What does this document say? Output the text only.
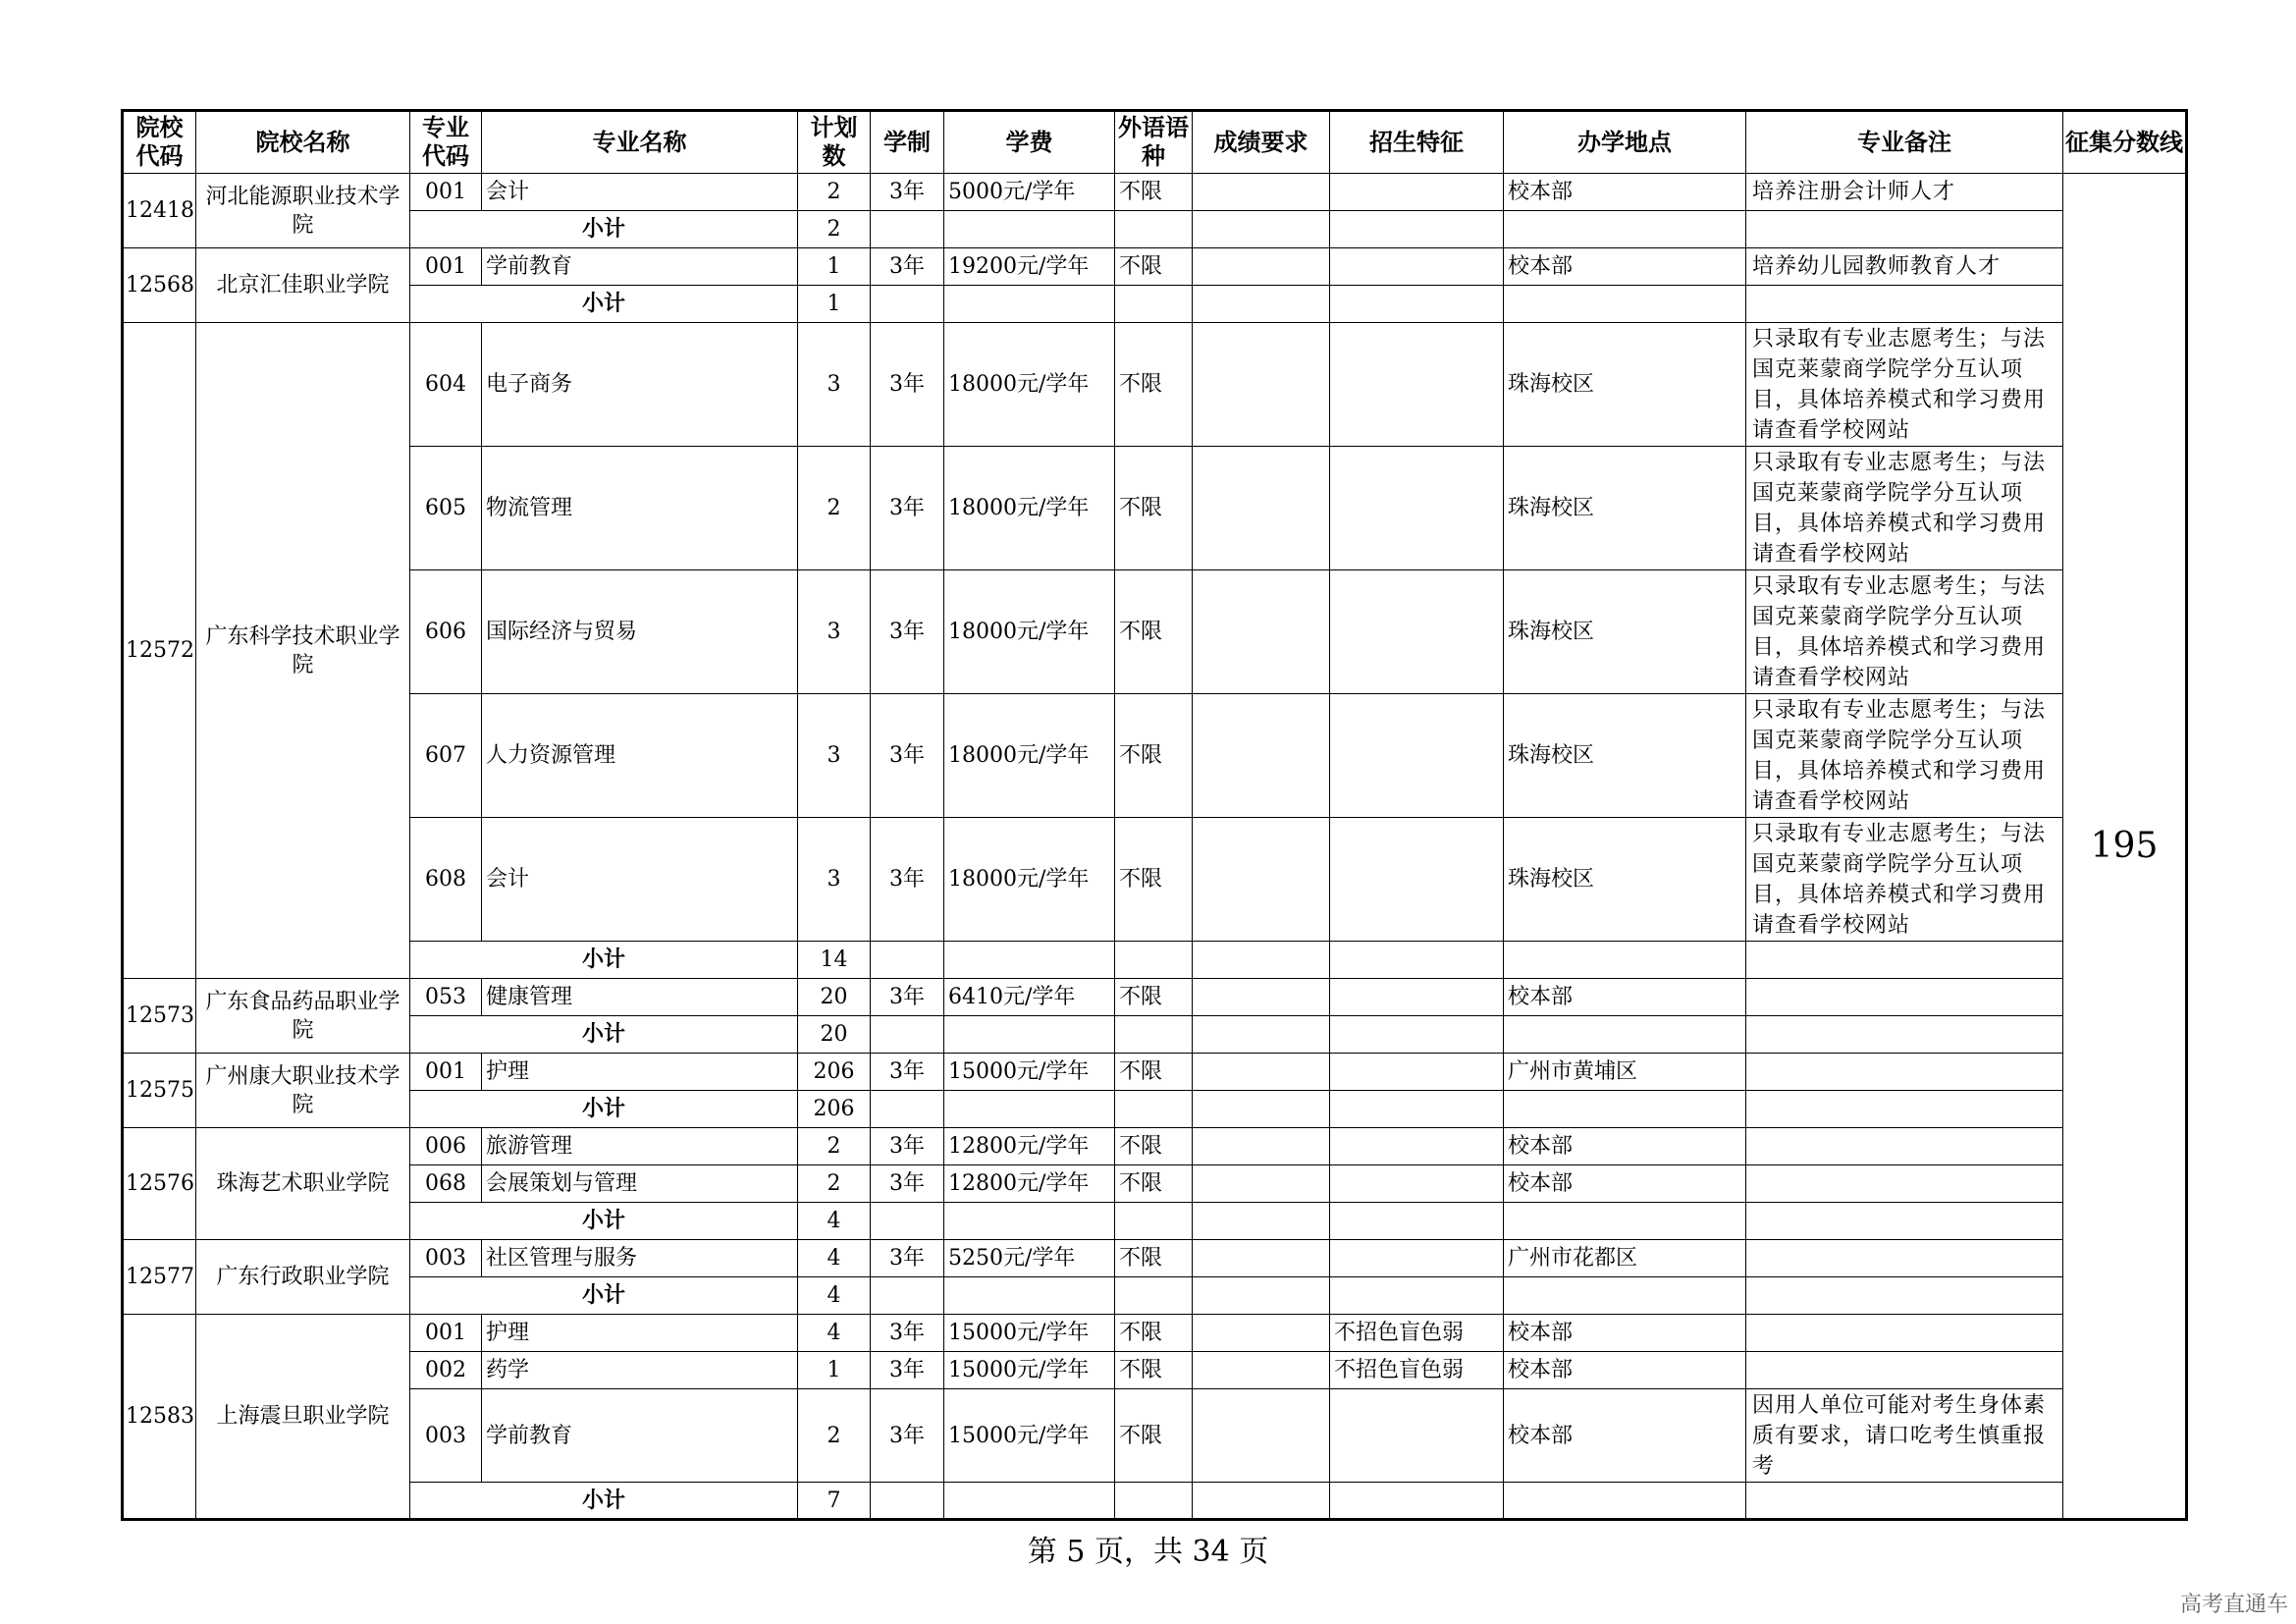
院校代码	院校名称	专业代码	专业名称	计划数	学制	学费	外语语种	成绩要求	招生特征	办学地点	专业备注	征集分数线
12418	河北能源职业技术学院	001	会计	2	3年	5000元/学年	不限			校本部	培养注册会计师人才	195
		小计		2								
12568	北京汇佳职业学院	001	学前教育	1	3年	19200元/学年	不限			校本部	培养幼儿园教师教育人才	
		小计		1								
12572	广东科学技术职业学院	604	电子商务	3	3年	18000元/学年	不限			珠海校区	只录取有专业志愿考生；与法国克莱蒙商学院学分互认项目，具体培养模式和学习费用请查看学校网站	
		605	物流管理	2	3年	18000元/学年	不限			珠海校区	只录取有专业志愿考生；与法国克莱蒙商学院学分互认项目，具体培养模式和学习费用请查看学校网站	
		606	国际经济与贸易	3	3年	18000元/学年	不限			珠海校区	只录取有专业志愿考生；与法国克莱蒙商学院学分互认项目，具体培养模式和学习费用请查看学校网站	
		607	人力资源管理	3	3年	18000元/学年	不限			珠海校区	只录取有专业志愿考生；与法国克莱蒙商学院学分互认项目，具体培养模式和学习费用请查看学校网站	
		608	会计	3	3年	18000元/学年	不限			珠海校区	只录取有专业志愿考生；与法国克莱蒙商学院学分互认项目，具体培养模式和学习费用请查看学校网站	
		小计		14								
12573	广东食品药品职业学院	053	健康管理	20	3年	6410元/学年	不限			校本部		
		小计		20								
12575	广州康大职业技术学院	001	护理	206	3年	15000元/学年	不限			广州市黄埔区		
		小计		206								
12576	珠海艺术职业学院	006	旅游管理	2	3年	12800元/学年	不限			校本部		
		068	会展策划与管理	2	3年	12800元/学年	不限			校本部		
		小计		4								
12577	广东行政职业学院	003	社区管理与服务	4	3年	5250元/学年	不限			广州市花都区		
		小计		4								
12583	上海震旦职业学院	001	护理	4	3年	15000元/学年	不限		不招色盲色弱	校本部		
		002	药学	1	3年	15000元/学年	不限		不招色盲色弱	校本部		
		003	学前教育	2	3年	15000元/学年	不限			校本部	因用人单位可能对考生身体素质有要求，请口吃考生慎重报考	
		小计		7								
第 5 页，共 34 页
高考直通车
